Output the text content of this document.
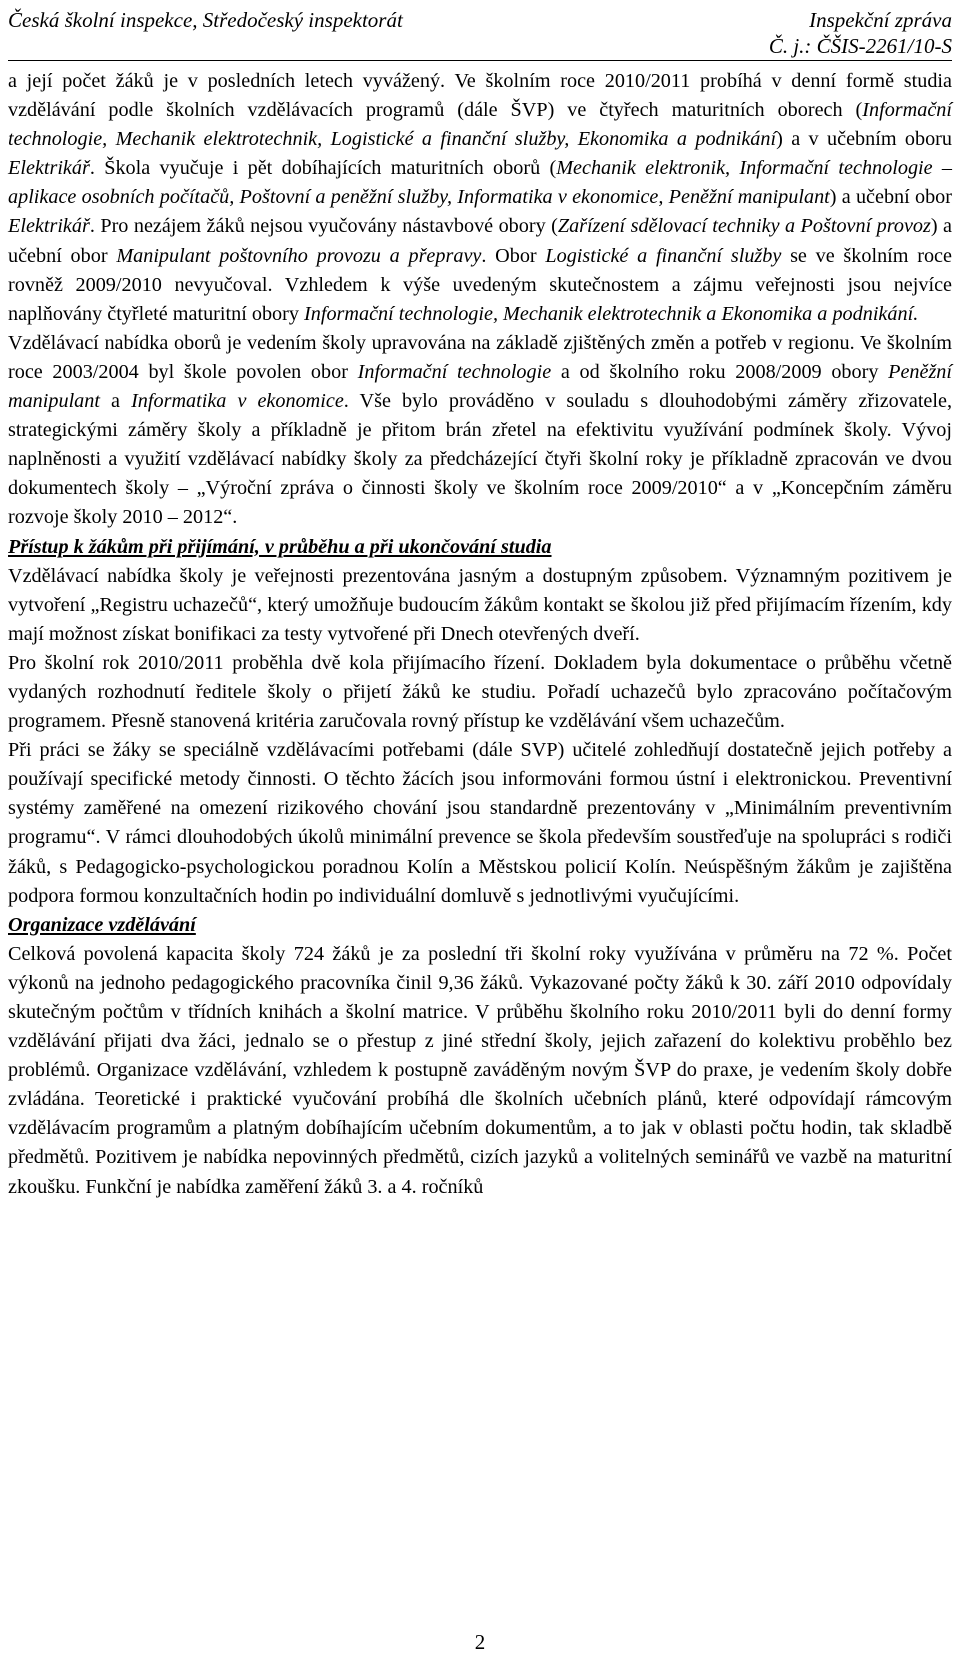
Česká školní inspekce, Středočeský inspektorát	Inspekční zpráva
Č. j.: ČŠIS-2261/10-S

a její počet žáků je v posledních letech vyvážený. Ve školním roce 2010/2011 probíhá v denní formě studia vzdělávání podle školních vzdělávacích programů (dále ŠVP) ve čtyřech maturitních oborech (Informační technologie, Mechanik elektrotechnik, Logistické a finanční služby, Ekonomika a podnikání) a v učebním oboru Elektrikář. Škola vyučuje i pět dobíhajících maturitních oborů (Mechanik elektronik, Informační technologie – aplikace osobních počítačů, Poštovní a peněžní služby, Informatika v ekonomice, Peněžní manipulant) a učební obor Elektrikář. Pro nezájem žáků nejsou vyučovány nástavbové obory (Zařízení sdělovací techniky a Poštovní provoz) a učební obor Manipulant poštovního provozu a přepravy. Obor Logistické a finanční služby se ve školním roce rovněž 2009/2010 nevyučoval. Vzhledem k výše uvedeným skutečnostem a zájmu veřejnosti jsou nejvíce naplňovány čtyřleté maturitní obory Informační technologie, Mechanik elektrotechnik a Ekonomika a podnikání.

Vzdělávací nabídka oborů je vedením školy upravována na základě zjištěných změn a potřeb v regionu. Ve školním roce 2003/2004 byl škole povolen obor Informační technologie a od školního roku 2008/2009 obory Peněžní manipulant a Informatika v ekonomice. Vše bylo prováděno v souladu s dlouhodobými záměry zřizovatele, strategickými záměry školy a příkladně je přitom brán zřetel na efektivitu využívání podmínek školy. Vývoj naplněnosti a využití vzdělávací nabídky školy za předcházející čtyři školní roky je příkladně zpracován ve dvou dokumentech školy – „Výroční zpráva o činnosti školy ve školním roce 2009/2010“ a v „Koncepčním záměru rozvoje školy 2010 – 2012“.

Přístup k žákům při přijímání, v průběhu a při ukončování studia

Vzdělávací nabídka školy je veřejnosti prezentována jasným a dostupným způsobem. Významným pozitivem je vytvoření „Registru uchazečů“, který umožňuje budoucím žákům kontakt se školou již před přijímacím řízením, kdy mají možnost získat bonifikaci za testy vytvořené při Dnech otevřených dveří.

Pro školní rok 2010/2011 proběhla dvě kola přijímacího řízení. Dokladem byla dokumentace o průběhu včetně vydaných rozhodnutí ředitele školy o přijetí žáků ke studiu. Pořadí uchazečů bylo zpracováno počítačovým programem. Přesně stanovená kritéria zaručovala rovný přístup ke vzdělávání všem uchazečům.

Při práci se žáky se speciálně vzdělávacími potřebami (dále SVP) učitelé zohledňují dostatečně jejich potřeby a používají specifické metody činnosti. O těchto žácích jsou informováni formou ústní i elektronickou. Preventivní systémy zaměřené na omezení rizikového chování jsou standardně prezentovány v „Minimálním preventivním programu“. V rámci dlouhodobých úkolů minimální prevence se škola především soustřeďuje na spolupráci s rodiči žáků, s Pedagogicko-psychologickou poradnou Kolín a Městskou policií Kolín. Neúspěšným žákům je zajištěna podpora formou konzultačních hodin po individuální domluvě s jednotlivými vyučujícími.

Organizace vzdělávání

Celková povolená kapacita školy 724 žáků je za poslední tři školní roky využívána v průměru na 72 %. Počet výkonů na jednoho pedagogického pracovníka činil 9,36 žáků. Vykazované počty žáků k 30. září 2010 odpovídaly skutečným počtům v třídních knihách a školní matrice. V průběhu školního roku 2010/2011 byli do denní formy vzdělávání přijati dva žáci, jednalo se o přestup z jiné střední školy, jejich zařazení do kolektivu proběhlo bez problémů. Organizace vzdělávání, vzhledem k postupně zaváděným novým ŠVP do praxe, je vedením školy dobře zvládána. Teoretické i praktické vyučování probíhá dle školních učebních plánů, které odpovídají rámcovým vzdělávacím programům a platným dobíhajícím učebním dokumentům, a to jak v oblasti počtu hodin, tak skladbě předmětů. Pozitivem je nabídka nepovinných předmětů, cizích jazyků a volitelných seminářů ve vazbě na maturitní zkoušku. Funkční je nabídka zaměření žáků 3. a 4. ročníků

2
